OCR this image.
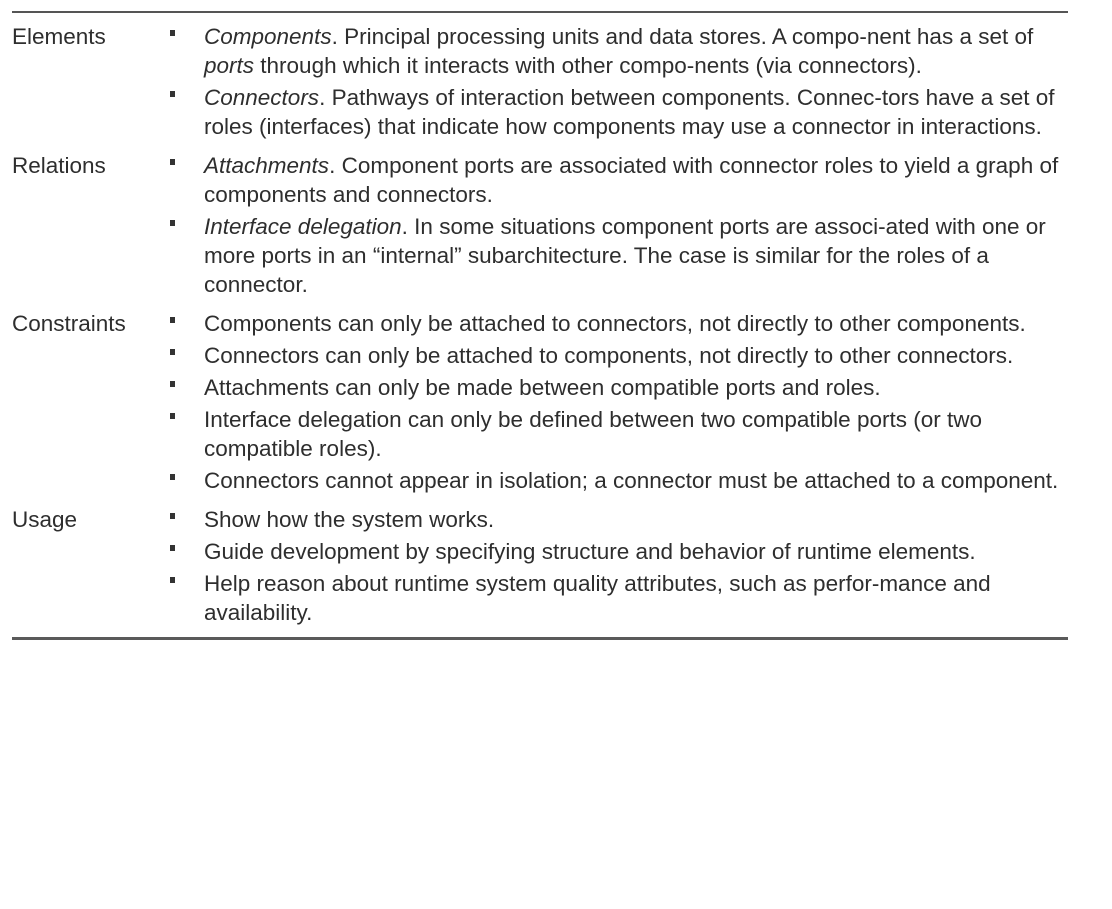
Elements	Components. Principal processing units and data stores. A compo-nent has a set of ports through which it interacts with other compo-nents (via connectors).
Connectors. Pathways of interaction between components. Connec-tors have a set of roles (interfaces) that indicate how components may use a connector in interactions.
Relations	Attachments. Component ports are associated with connector roles to yield a graph of components and connectors.
Interface delegation. In some situations component ports are associ-ated with one or more ports in an “internal” subarchitecture. The case is similar for the roles of a connector.
Constraints	Components can only be attached to connectors, not directly to other components.
Connectors can only be attached to components, not directly to other connectors.
Attachments can only be made between compatible ports and roles.
Interface delegation can only be defined between two compatible ports (or two compatible roles).
Connectors cannot appear in isolation; a connector must be attached to a component.
Usage	Show how the system works.
Guide development by specifying structure and behavior of runtime elements.
Help reason about runtime system quality attributes, such as perfor-mance and availability.
